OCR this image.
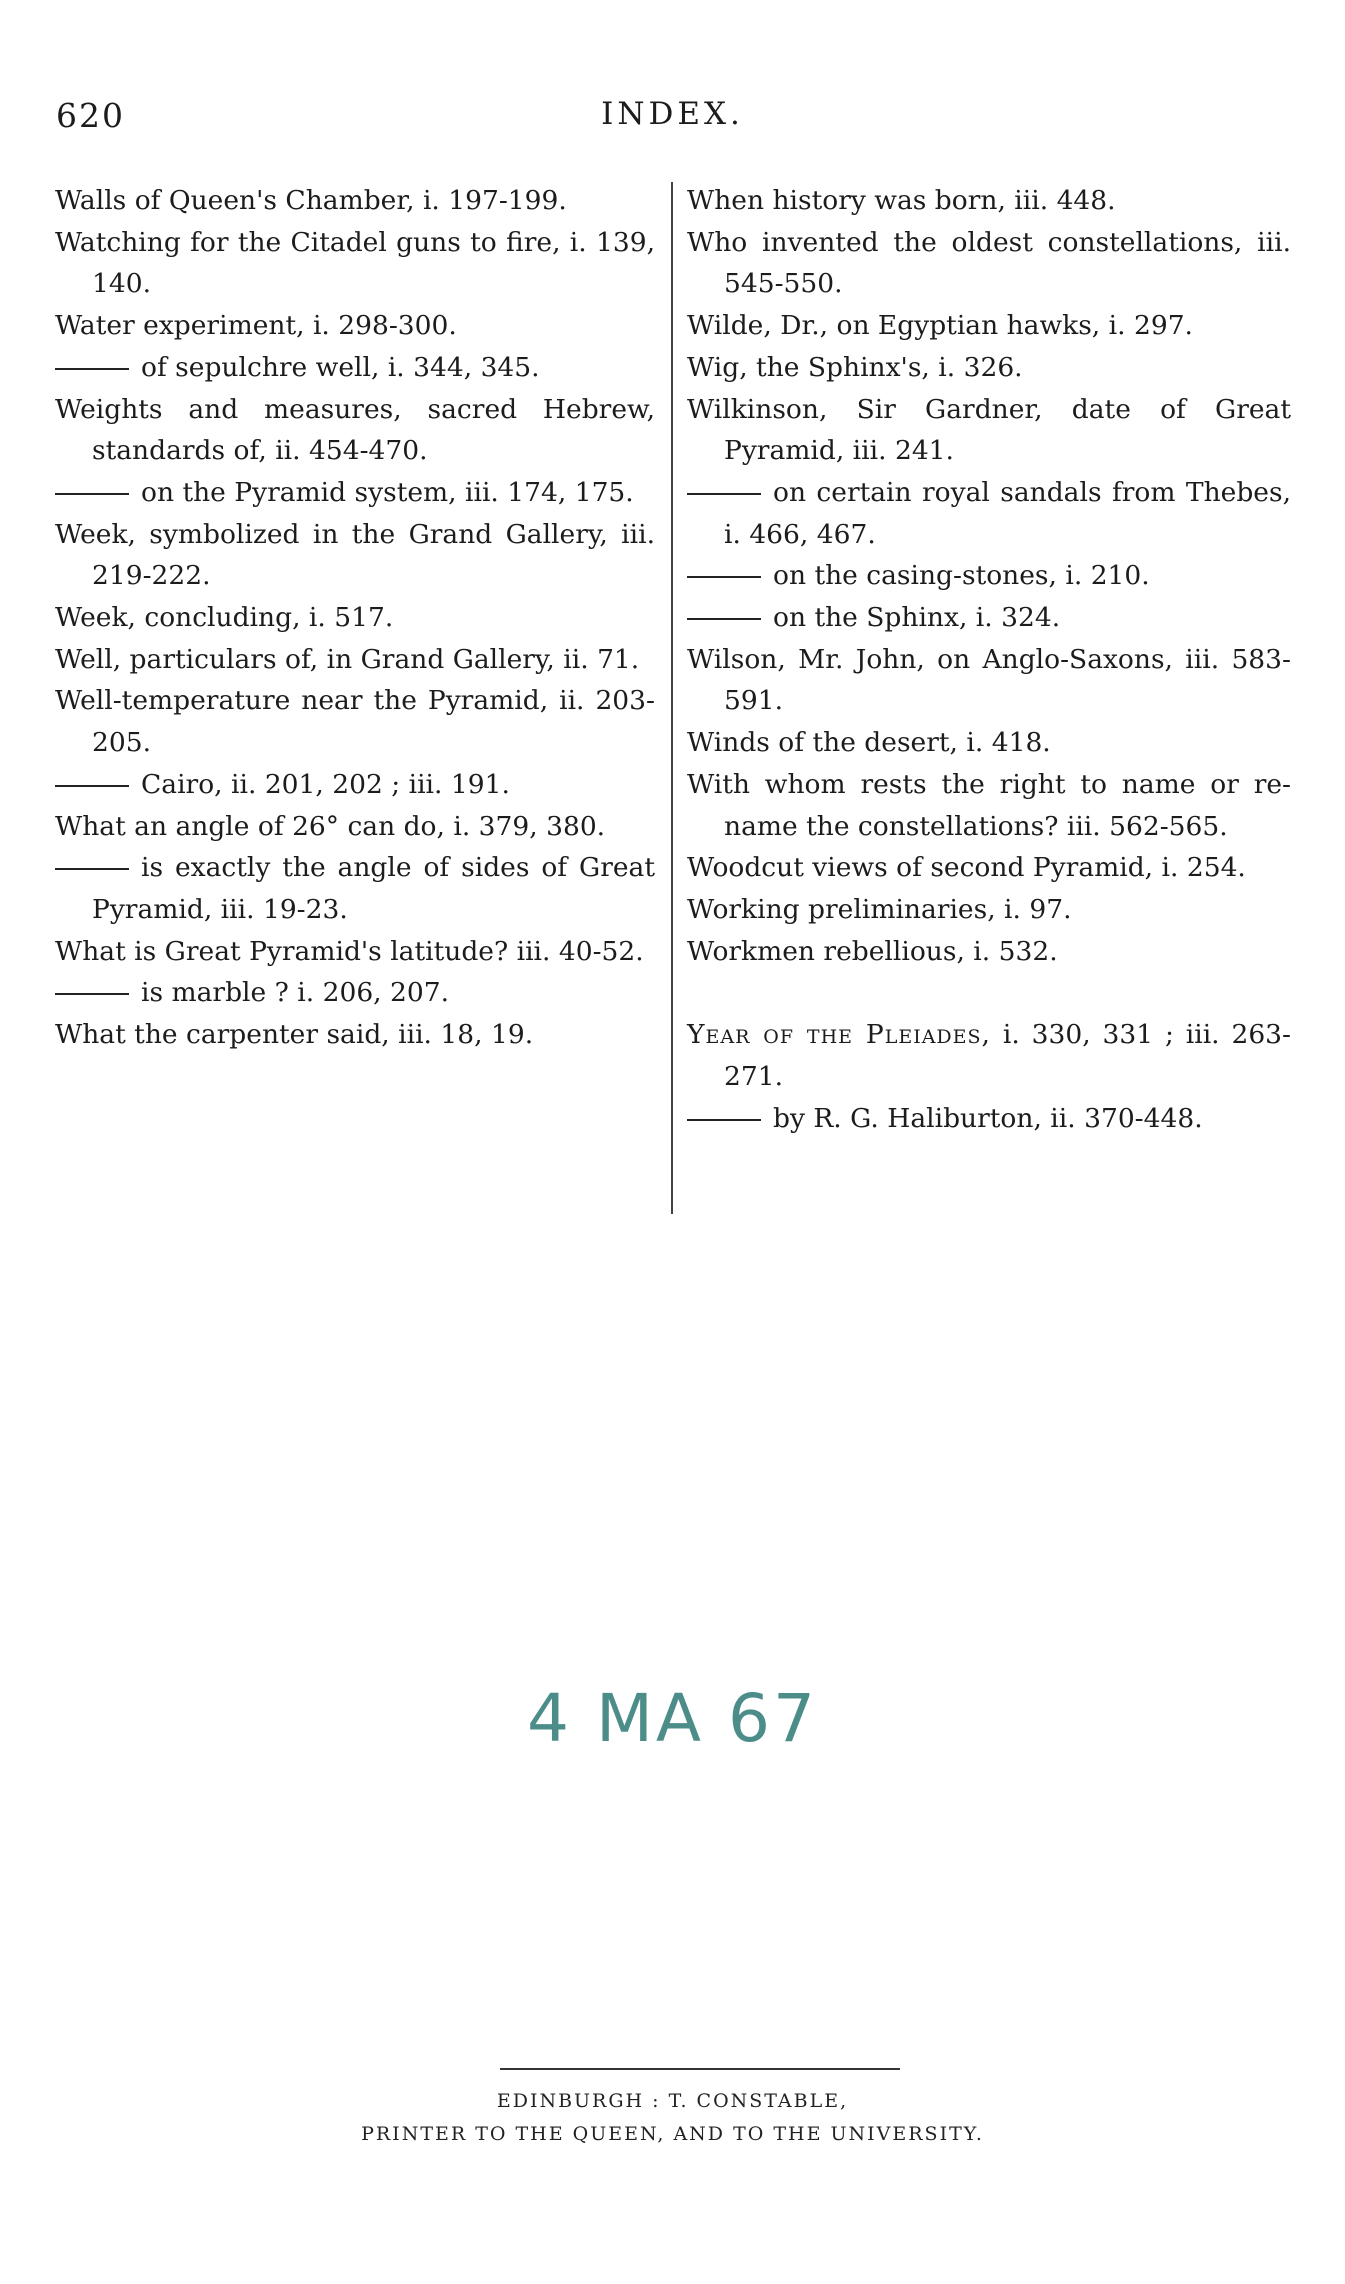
620	INDEX.
Walls of Queen's Chamber, i. 197-199.
Watching for the Citadel guns to fire, i. 139, 140.
Water experiment, i. 298-300.
of sepulchre well, i. 344, 345.
Weights and measures, sacred Hebrew, standards of, ii. 454-470.
on the Pyramid system, iii. 174, 175.
Week, symbolized in the Grand Gallery, iii. 219-222.
Week, concluding, i. 517.
Well, particulars of, in Grand Gallery, ii. 71.
Well-temperature near the Pyramid, ii. 203-205.
Cairo, ii. 201, 202 ; iii. 191.
What an angle of 26° can do, i. 379, 380.
is exactly the angle of sides of Great Pyramid, iii. 19-23.
What is Great Pyramid's latitude? iii. 40-52.
is marble ? i. 206, 207.
What the carpenter said, iii. 18, 19.
When history was born, iii. 448.
Who invented the oldest constellations, iii. 545-550.
Wilde, Dr., on Egyptian hawks, i. 297.
Wig, the Sphinx's, i. 326.
Wilkinson, Sir Gardner, date of Great Pyramid, iii. 241.
on certain royal sandals from Thebes, i. 466, 467.
on the casing-stones, i. 210.
on the Sphinx, i. 324.
Wilson, Mr. John, on Anglo-Saxons, iii. 583-591.
Winds of the desert, i. 418.
With whom rests the right to name or re-name the constellations? iii. 562-565.
Woodcut views of second Pyramid, i. 254.
Working preliminaries, i. 97.
Workmen rebellious, i. 532.
Year of the Pleiades, i. 330, 331 ; iii. 263-271.
by R. G. Haliburton, ii. 370-448.
4 MA 67
EDINBURGH : T. CONSTABLE,
PRINTER TO THE QUEEN, AND TO THE UNIVERSITY.
